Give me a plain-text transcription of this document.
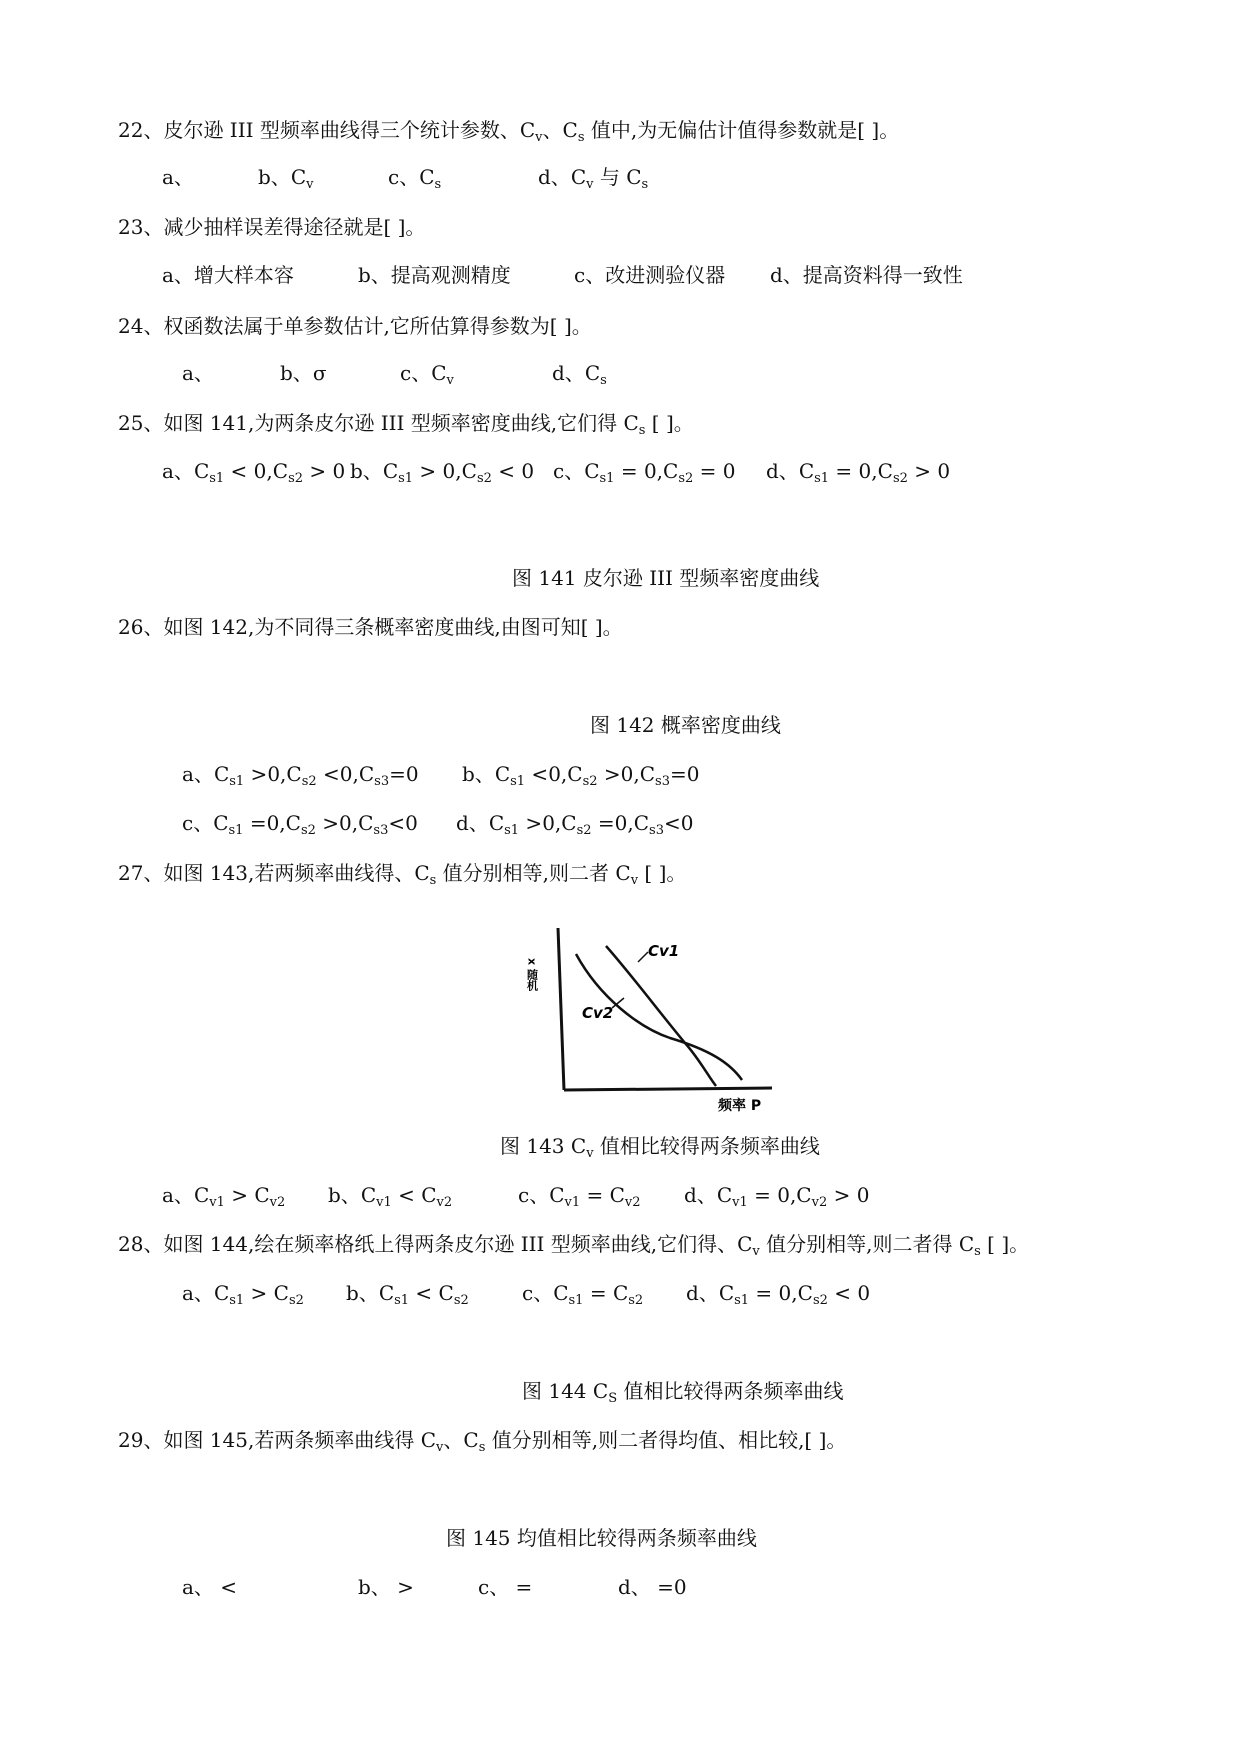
22、皮尔逊 III 型频率曲线得三个统计参数、$C_v$、$C_s$ 值中,为无偏估计值得参数就是[ ]。
a、	b、$C_v$	c、$C_s$	d、$C_v$ 与 $C_s$
23、减少抽样误差得途径就是[ ]。
a、增大样本容	b、提高观测精度	c、改进测验仪器 d、提高资料得一致性
24、权函数法属于单参数估计,它所估算得参数为[ ]。
a、	b、σ	c、$C_v$	d、$C_s$
25、如图 141,为两条皮尔逊 III 型频率密度曲线,它们得 $C_s$ [ ]。
a、$C_{s1} < 0,C_{s2} > 0$ b、$C_{s1} > 0,C_{s2} < 0$ c、$C_{s1} = 0,C_{s2} = 0$ d、$C_{s1} = 0,C_{s2} > 0$
图 141 皮尔逊 III 型频率密度曲线
26、如图 142,为不同得三条概率密度曲线,由图可知[ ]。
图 142 概率密度曲线
a、$C_{s1} >0,C_{s2} <0,C_{s3}=0$ b、$C_{s1} <0,C_{s2} >0,C_{s3}=0$
c、$C_{s1} =0,C_{s2} >0,C_{s3}<0$ d、$C_{s1} >0,C_{s2} =0,C_{s3}<0$
27、如图 143,若两频率曲线得、$C_s$ 值分别相等,则二者 $C_v$ [ ]。
Cv1
Cv2
频率 P
x 随机
图 143 $C_v$ 值相比较得两条频率曲线
a、$C_{v1} > C_{v2}$ b、$C_{v1} < C_{v2}$	c、$C_{v1} = C_{v2}$ d、$C_{v1} = 0,C_{v2} > 0$
28、如图 144,绘在频率格纸上得两条皮尔逊 III 型频率曲线,它们得、$C_v$ 值分别相等,则二者得 $C_s$ [ ]。
a、$C_{s1} > C_{s2}$ b、$C_{s1} < C_{s2}$	c、$C_{s1} = C_{s2}$ d、$C_{s1} = 0,C_{s2} < 0$
图 144 $C_S$ 值相比较得两条频率曲线
29、如图 145,若两条频率曲线得 $C_v$、$C_s$ 值分别相等,则二者得均值、相比较,[ ]。
图 145 均值相比较得两条频率曲线
a、 <	b、 >	c、 =	d、 =0
